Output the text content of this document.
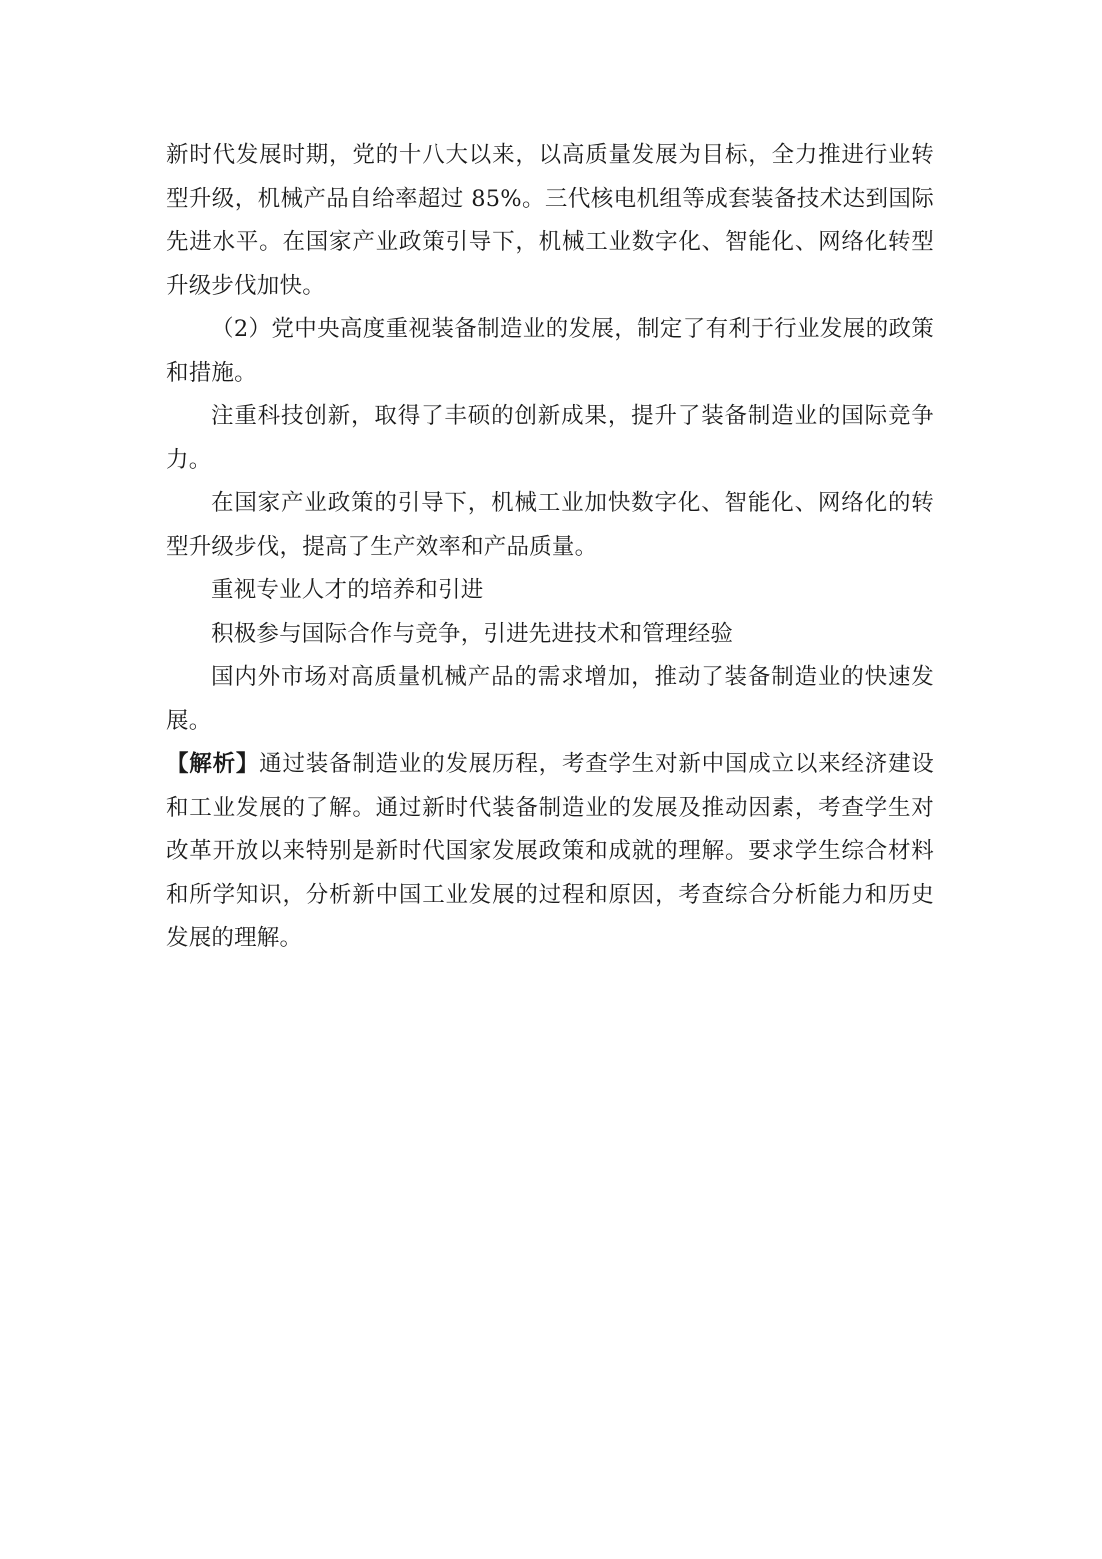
新时代发展时期，党的十八大以来，以高质量发展为目标，全力推进行业转型升级，机械产品自给率超过 85%。三代核电机组等成套装备技术达到国际先进水平。在国家产业政策引导下，机械工业数字化、智能化、网络化转型升级步伐加快。

（2）党中央高度重视装备制造业的发展，制定了有利于行业发展的政策和措施。

注重科技创新，取得了丰硕的创新成果，提升了装备制造业的国际竞争力。

在国家产业政策的引导下，机械工业加快数字化、智能化、网络化的转型升级步伐，提高了生产效率和产品质量。

重视专业人才的培养和引进

积极参与国际合作与竞争，引进先进技术和管理经验

国内外市场对高质量机械产品的需求增加，推动了装备制造业的快速发展。

【解析】通过装备制造业的发展历程，考查学生对新中国成立以来经济建设和工业发展的了解。通过新时代装备制造业的发展及推动因素，考查学生对改革开放以来特别是新时代国家发展政策和成就的理解。要求学生综合材料和所学知识，分析新中国工业发展的过程和原因，考查综合分析能力和历史发展的理解。
